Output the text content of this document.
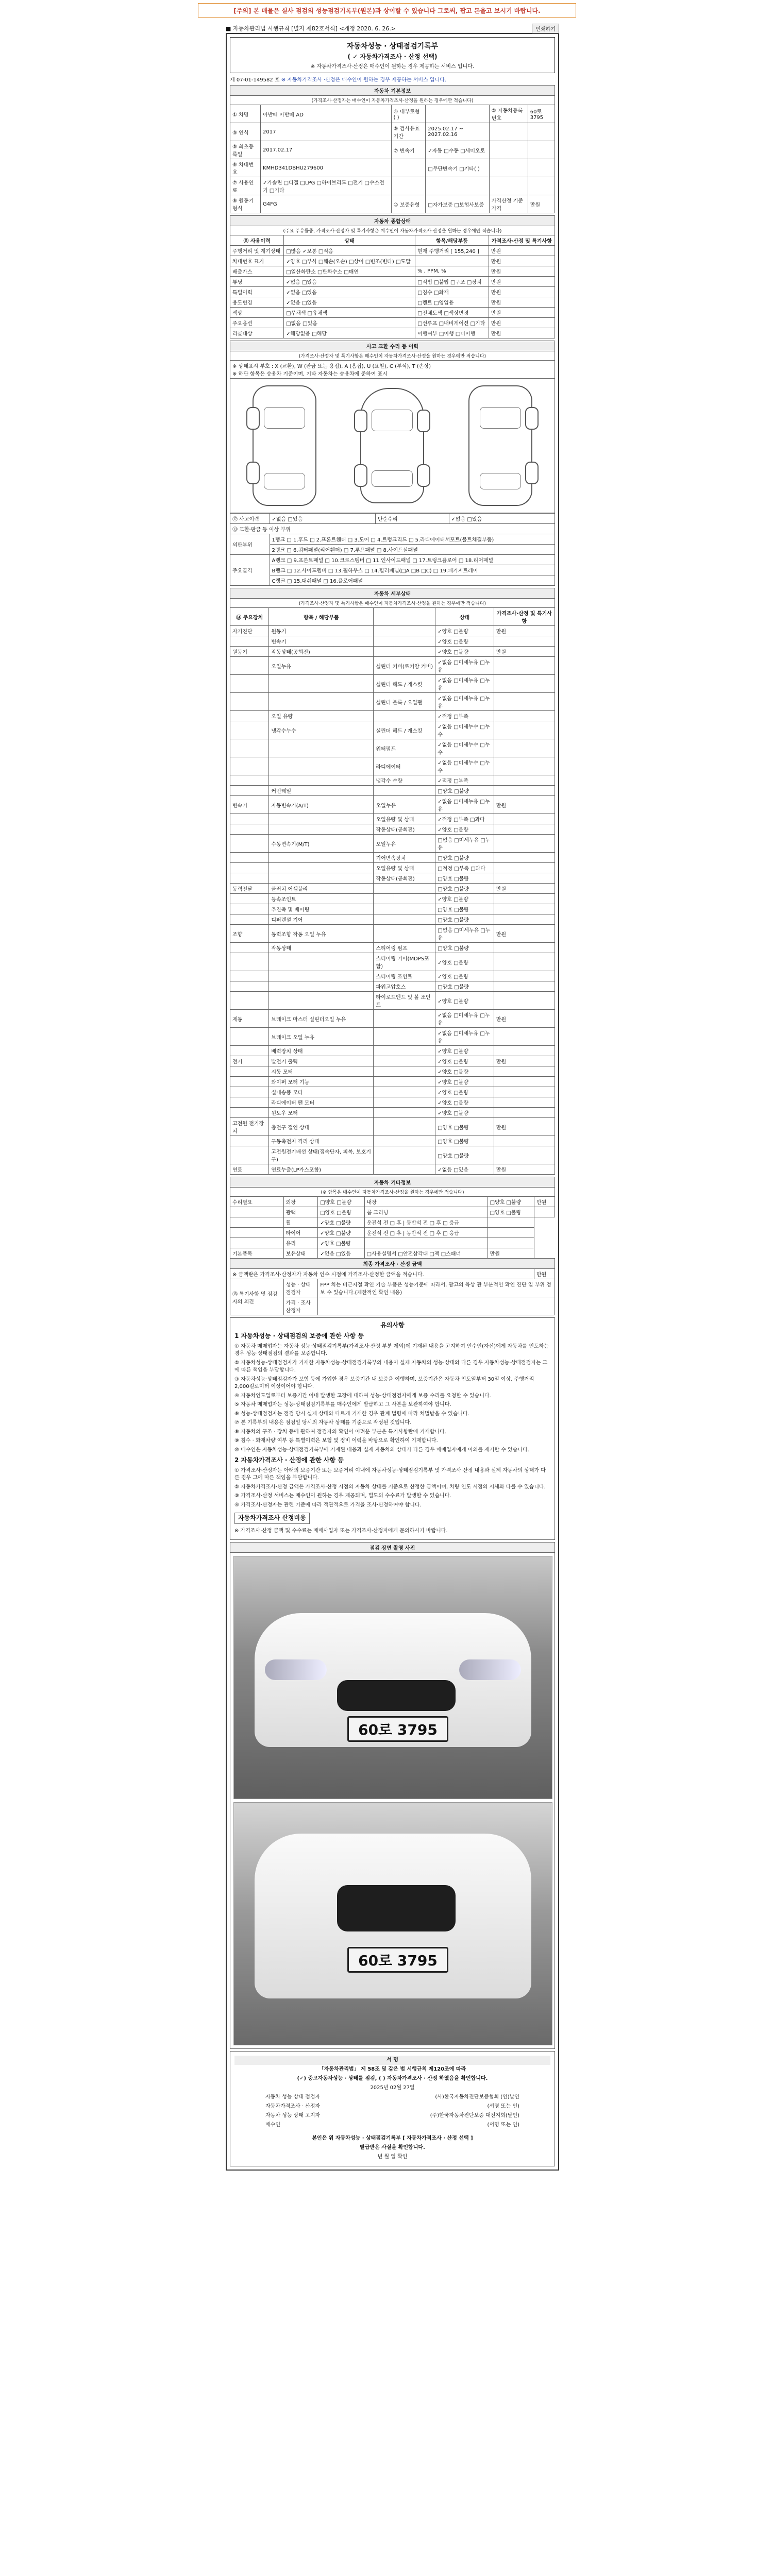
[주의] 본 매물은 실사 점검의 성능점검기록부(원본)과 상이할 수 있습니다 그로써, 팝고 돈을고 보시기 바랍니다.
■ 자동차관리법 시행규칙 [별지 제82호서식] <개정 2020. 6. 26.>	인쇄하기
자동차성능 · 상태점검기록부
( ✓ 자동차가격조사 · 산정 선택)
※ 자동차가격조사·산정은 매수인이 원하는 경우 제공하는 서비스 입니다.
제 07-01-149582 호 ※ 자동차가격조사 ·산정은 매수인이 원하는 경우 제공하는 서비스 입니다.
자동차 기본정보					
(가격조사·산정자는 매수인이 자동차가격조사·산정을 원하는 경우에만 적습니다)					
① 차명	아반떼 아반떼 AD	④ 내부로형 ( )		② 자동차등록번호	60로3795
③ 연식	2017	⑤ 검사유효기간	2025.02.17 ~ 2027.02.16		
⑤ 최초등록일	2017.02.17	⑦ 변속기	✓자동 □수동 □세미오토		
⑥ 차대번호	KMHD341DBHU279600		□무단변속기 □기타( )		
⑦ 사용연료	✓가솔린 □디젤 □LPG □하이브리드 □전기 □수소전기 □기타				
⑧ 원동기형식	G4FG	⑩ 보증유형	□자가보증 □보험사보증	가격산정 기준가격	만원
자동차 종합상태			
(주요 주유률중, 가격조사·산정자 및 특기사항은 매수인이 자동차가격조사·산정을 원하는 경우에만 적습니다)			
⑪ 사용이력	상태	항목/해당부품	가격조사·산정 및 특기사항
주행거리 및 계기상태	□많음 ✓보통 □적음	현재 주행거리 [ 155,240 ]	만원
차대번호 표기	✓양호 □부식 □훼손(오손) □상이 □변조(변타) □도말		만원
배출가스	□일산화탄소 □탄화수소 □매연	% , PPM, %	만원
튜닝	✓없음 □있음	□적법 □불법 □구조 □장치	만원
특별이력	✓없음 □있음	□침수 □화재	만원
용도변경	✓없음 □있음	□렌트 □영업용	만원
색상	□무채색 □유채색	□전체도색 □색상변경	만원
주요옵션	□없음 □있음	□선루프 □내비게이션 □기타	만원
리콜대상	✓해당없음 □해당	이행여부 □이행 □미이행	만원
사고 교환 수리 등 이력
(가격조사·산정자 및 특기사항은 매수인이 자동차가격조사·산정을 원하는 경우에만 적습니다)

※ 상태표시 부호 : X (교환), W (판금 또는 용접), A (흠집), U (요철), C (부식), T (손상)
※ 하단 항목은 승용차 기준이며, 기타 자동차는 승용차에 준하여 표시
⑫ 사고이력	✓없음 □있음	단순수리	✓없음 □있음
⑬ 교환·판금 등 이상 부위			
외판부위	1랭크 □ 1.후드 □ 2.프론트휀더 □ 3.도어 □ 4.트렁크리드 □ 5.라디에이터서포트(볼트체결부품)		
	2랭크 □ 6.쿼터패널(리어휀더) □ 7.루프패널 □ 8.사이드실패널		
주요골격	A랭크 □ 9.프론트패널 □ 10.크로스멤버 □ 11.인사이드패널 □ 17.트렁크플로어 □ 18.리어패널		
	B랭크 □ 12.사이드멤버 □ 13.휠하우스 □ 14.필러패널(□A □B □C) □ 19.패키지트레이		
	C랭크 □ 15.대쉬패널 □ 16.플로어패널		
자동차 세부상태				
(가격조사·산정자 및 특기사항은 매수인이 자동차가격조사·산정을 원하는 경우에만 적습니다)				
⑭ 주요장치	항목 / 해당부품		상태	가격조사·산정 및 특기사항
자기진단	원동기		✓양호 □불량	만원
	변속기		✓양호 □불량	
원동기	작동상태(공회전)		✓양호 □불량	만원
	오일누유	실린더 커버(로커암 커버)	✓없음 □미세누유 □누유	
		실린더 헤드 / 개스킷	✓없음 □미세누유 □누유	
		실린더 블록 / 오일팬	✓없음 □미세누유 □누유	
	오일 유량		✓적정 □부족	
	냉각수누수	실린더 헤드 / 개스킷	✓없음 □미세누수 □누수	
		워터펌프	✓없음 □미세누수 □누수	
		라디에이터	✓없음 □미세누수 □누수	
		냉각수 수량	✓적정 □부족	
	커먼레일		□양호 □불량	
변속기	자동변속기(A/T)	오일누유	✓없음 □미세누유 □누유	만원
		오일유량 및 상태	✓적정 □부족 □과다	
		작동상태(공회전)	✓양호 □불량	
	수동변속기(M/T)	오일누유	□없음 □미세누유 □누유	
		기어변속장치	□양호 □불량	
		오일유량 및 상태	□적정 □부족 □과다	
		작동상태(공회전)	□양호 □불량	
동력전달	클러치 어셈블리		□양호 □불량	만원
	등속조인트		✓양호 □불량	
	추진축 및 베어링		□양호 □불량	
	디퍼렌셜 기어		□양호 □불량	
조향	동력조향 작동 오일 누유		□없음 □미세누유 □누유	만원
	작동상태	스티어링 펌프	□양호 □불량	
		스티어링 기어(MDPS포함)	✓양호 □불량	
		스티어링 조인트	✓양호 □불량	
		파워고압호스	□양호 □불량	
		타이로드엔드 및 볼 조인트	✓양호 □불량	
제동	브레이크 마스터 실린더오일 누유		✓없음 □미세누유 □누유	만원
	브레이크 오일 누유		✓없음 □미세누유 □누유	
	배력장치 상태		✓양호 □불량	
전기	발전기 출력		✓양호 □불량	만원
	시동 모터		✓양호 □불량	
	와이퍼 모터 기능		✓양호 □불량	
	실내송풍 모터		✓양호 □불량	
	라디에이터 팬 모터		✓양호 □불량	
	윈도우 모터		✓양호 □불량	
고전원 전기장치	충전구 절연 상태		□양호 □불량	만원
	구동축전지 격리 상태		□양호 □불량	
	고전원전기배선 상태(접속단자, 피복, 보호기구)		□양호 □불량	
연료	연료누출(LP가스포함)		✓없음 □있음	만원
자동차 기타정보					
(※ 항목은 매수인이 자동차가격조사·산정을 원하는 경우에만 적습니다)					
수리필요	외장	□양호 □불량	내장	□양호 □불량	만원
	광택	□양호 □불량	룸 크리닝	□양호 □불량	
	휠	✓양호 □불량	운전석 전 □ 후 | 동반석 전 □ 후 □ 응급		
	타이어	✓양호 □불량	운전석 전 □ 후 | 동반석 전 □ 후 □ 응급		
	유리	✓양호 □불량			
기본품목	보유상태	✓없음 □있음	□사용설명서 □안전삼각대 □잭 □스패너	만원	
최종 가격조사 · 산정 금액					
※ 금액란은 가격조사·산정자가 자동차 인수 시점에 가격조사·산정한 금액을 적습니다.					만원
⑮ 특기사항 및 점검자의 의견	성능 · 상태점검자	FPP 치는 비근지절 확인 기술 부품은 성능기준에 따라서, 광고의 육상 관 부분적인 확인 진단 일 부위 정보 수 있습니다.(제한적인 확인 내용)			
	가격 · 조사산정자				
유의사항
1 자동차성능 · 상태점검의 보증에 관한 사항 등

① 자동차 매매업자는 자동차 성능·상태점검기록부(가격조사·산정 부분 제외)에 기재된 내용을 고지하여 인수인(자신)에게 자동차를 인도하는 경우 성능·상태점검의 결과를 보증합니다.

② 자동차성능·상태점검자가 기재한 자동차성능·상태점검기록부의 내용이 실제 자동차의 성능·상태와 다른 경우 자동차성능·상태점검자는 그에 따른 책임을 부담합니다.

③ 자동차성능·상태점검자가 보험 등에 가입한 경우 보증기간 내 보증을 이행하며, 보증기간은 자동차 인도일부터 30일 이상, 주행거리 2,000킬로미터 이상이어야 합니다.

④ 자동차인도일로부터 보증기간 이내 발생한 고장에 대하여 성능·상태점검자에게 보증 수리를 요청할 수 있습니다.

⑤ 자동차 매매업자는 성능·상태점검기록부를 매수인에게 발급하고 그 사본을 보관하여야 합니다.

⑥ 성능·상태점검자는 점검 당시 실제 상태와 다르게 기재한 경우 관계 법령에 따라 처벌받을 수 있습니다.

⑦ 본 기록부의 내용은 점검일 당시의 자동차 상태를 기준으로 작성된 것입니다.

⑧ 자동차의 구조 · 장치 등에 관하여 점검자의 확인이 어려운 부분은 특기사항란에 기재합니다.

⑨ 침수 · 화재차량 여부 등 특별이력은 보험 및 정비 이력을 바탕으로 확인하여 기재합니다.

⑩ 매수인은 자동차성능·상태점검기록부에 기재된 내용과 실제 자동차의 상태가 다른 경우 매매업자에게 이의를 제기할 수 있습니다.

2 자동차가격조사 · 산정에 관한 사항 등

① 가격조사·산정자는 아래의 보증기간 또는 보증거리 이내에 자동차성능·상태점검기록부 및 가격조사·산정 내용과 실제 자동차의 상태가 다른 경우 그에 따른 책임을 부담합니다.

② 자동차가격조사·산정 금액은 가격조사·산정 시점의 자동차 상태를 기준으로 산정한 금액이며, 차량 인도 시점의 시세와 다를 수 있습니다.

③ 가격조사·산정 서비스는 매수인이 원하는 경우 제공되며, 별도의 수수료가 발생할 수 있습니다.

④ 가격조사·산정자는 관련 기준에 따라 객관적으로 가격을 조사·산정하여야 합니다.

자동차가격조사 산정비용

※ 가격조사·산정 금액 및 수수료는 매매사업자 또는 가격조사·산정자에게 문의하시기 바랍니다.

점검 장면 촬영 사진

60로 3795
60로 3795
서 명
「자동차관리법」 제 58조 및 같은 법 시행규칙 제120조에 따라
(✓) 중고자동차성능 · 상태를 점검, ( ) 자동차가격조사 · 산정 하였음을 확인합니다.
2025년 02월 27일
자동차 성능 상태 점검자	(사)한국자동차진단보증협회 (인)날인
자동차가격조사 · 산정자	(서명 또는 인)
자동차 성능 상태 고지자	(주)한국자동차진단보증 대전지회(날인)
매수인	(서명 또는 인)
본인은 위 자동차성능 · 상태점검기록부 [ 자동차가격조사 · 산정 선택 ]
발급받은 사실을 확인합니다.
년 월 일 확인
